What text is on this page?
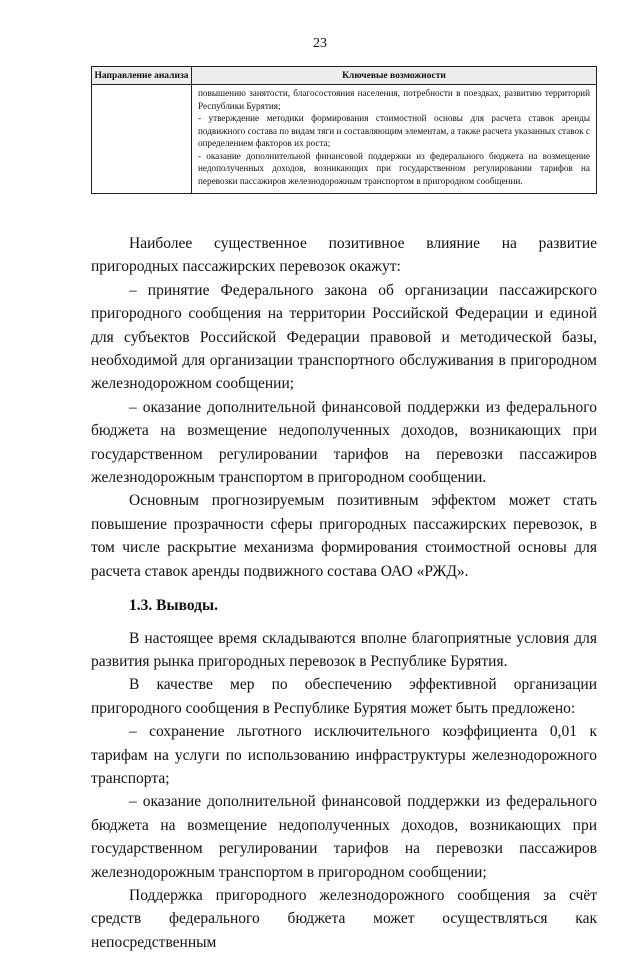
23
Направление анализа	Ключевые возможности

	повышению занятости, благосостояния населения, потребности в поездках, развитию территорий Республики Бурятия;

- утверждение методики формирования стоимостной основы для расчета ставок аренды подвижного состава по видам тяги и составляющим элементам, а также расчета указанных ставок с определением факторов их роста;

- оказание дополнительной финансовой поддержки из федерального бюджета на возмещение недополученных доходов, возникающих при государственном регулировании тарифов на перевозки пассажиров железнодорожным транспортом в пригородном сообщении.

Наиболее существенное позитивное влияние на развитие пригородных пассажирских перевозок окажут:

– принятие Федерального закона об организации пассажирского пригородного сообщения на территории Российской Федерации и единой для субъектов Российской Федерации правовой и методической базы, необходимой для организации транспортного обслуживания в пригородном железнодорожном сообщении;

– оказание дополнительной финансовой поддержки из федерального бюджета на возмещение недополученных доходов, возникающих при государственном регулировании тарифов на перевозки пассажиров железнодорожным транспортом в пригородном сообщении.

Основным прогнозируемым позитивным эффектом может стать повышение прозрачности сферы пригородных пассажирских перевозок, в том числе раскрытие механизма формирования стоимостной основы для расчета ставок аренды подвижного состава ОАО «РЖД».

1.3. Выводы.

В настоящее время складываются вполне благоприятные условия для развития рынка пригородных перевозок в Республике Бурятия.

В качестве мер по обеспечению эффективной организации пригородного сообщения в Республике Бурятия может быть предложено:

– сохранение льготного исключительного коэффициента 0,01 к тарифам на услуги по использованию инфраструктуры железнодорожного транспорта;

– оказание дополнительной финансовой поддержки из федерального бюджета на возмещение недополученных доходов, возникающих при государственном регулировании тарифов на перевозки пассажиров железнодорожным транспортом в пригородном сообщении;

Поддержка пригородного железнодорожного сообщения за счёт средств федерального бюджета может осуществляться как непосредственным
